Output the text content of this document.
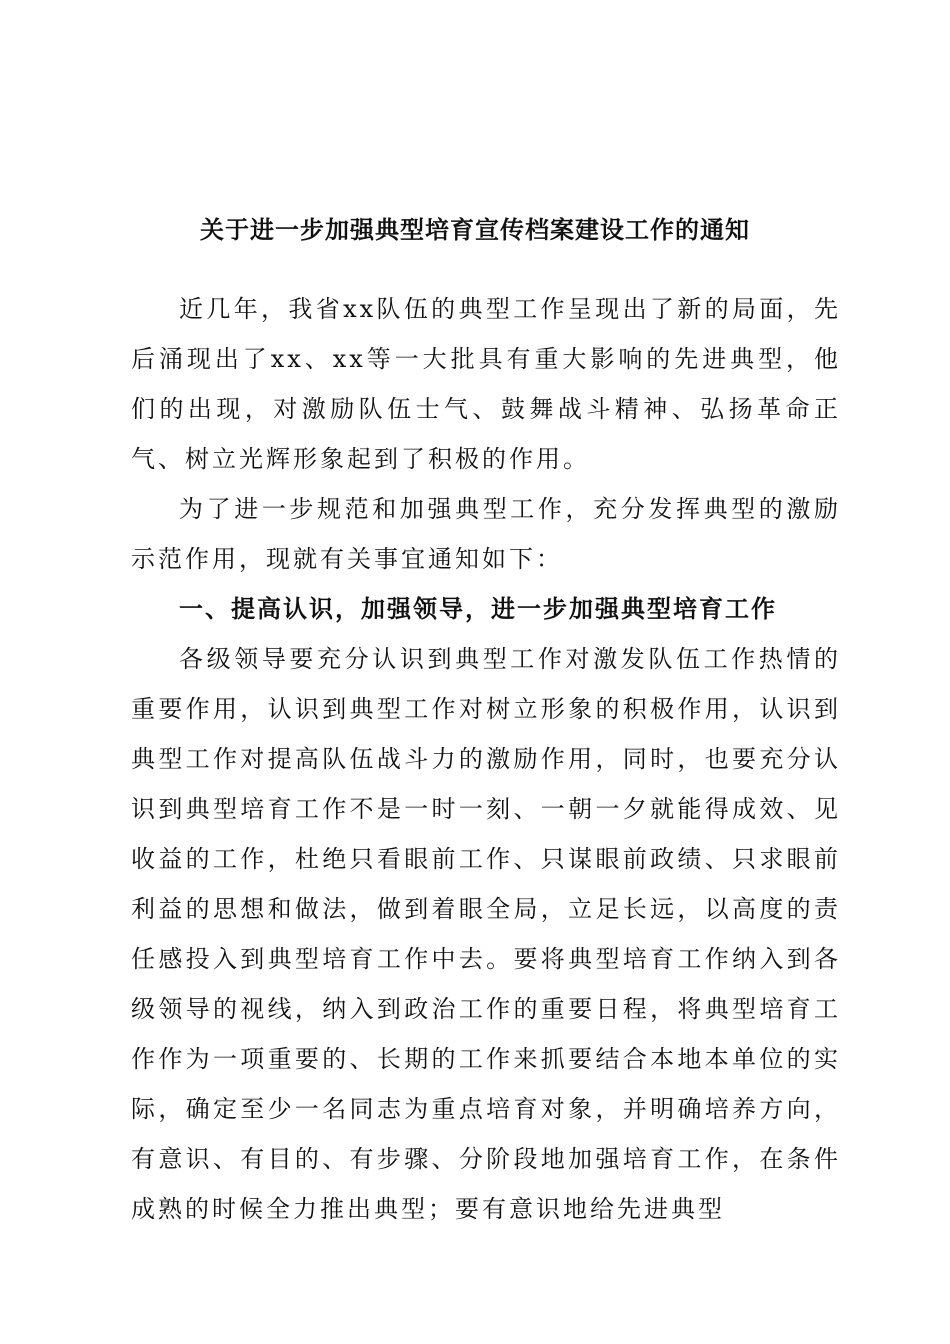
关于进一步加强典型培育宣传档案建设工作的通知

近几年，我省xx队伍的典型工作呈现出了新的局面，先后涌现出了xx、xx等一大批具有重大影响的先进典型，他们的出现，对激励队伍士气、鼓舞战斗精神、弘扬革命正气、树立光辉形象起到了积极的作用。

为了进一步规范和加强典型工作，充分发挥典型的激励示范作用，现就有关事宜通知如下：

一、提高认识，加强领导，进一步加强典型培育工作

各级领导要充分认识到典型工作对激发队伍工作热情的重要作用，认识到典型工作对树立形象的积极作用，认识到典型工作对提高队伍战斗力的激励作用，同时，也要充分认识到典型培育工作不是一时一刻、一朝一夕就能得成效、见收益的工作，杜绝只看眼前工作、只谋眼前政绩、只求眼前利益的思想和做法，做到着眼全局，立足长远，以高度的责任感投入到典型培育工作中去。要将典型培育工作纳入到各级领导的视线，纳入到政治工作的重要日程，将典型培育工作作为一项重要的、长期的工作来抓要结合本地本单位的实际，确定至少一名同志为重点培育对象，并明确培养方向，有意识、有目的、有步骤、分阶段地加强培育工作，在条件成熟的时候全力推出典型；要有意识地给先进典型
